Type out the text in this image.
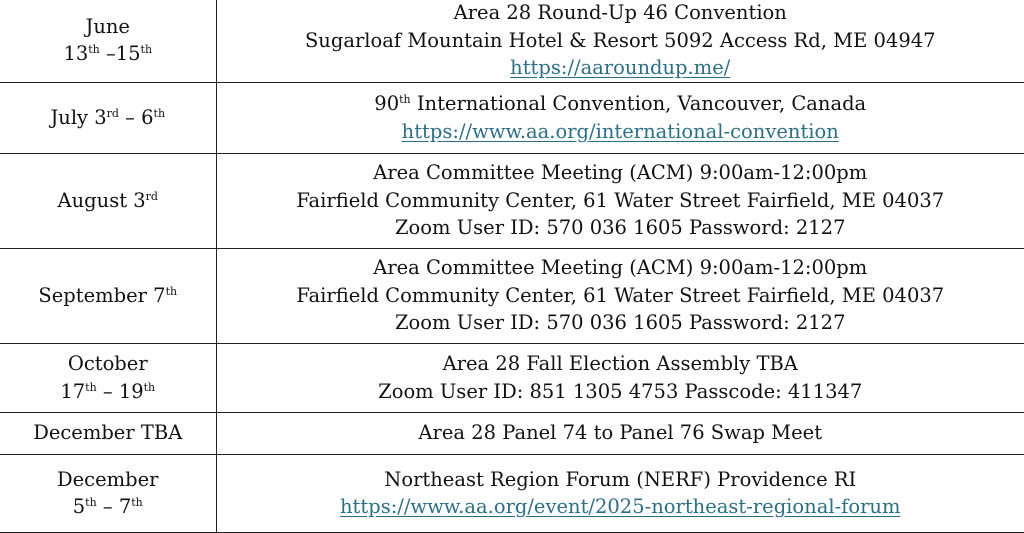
June
13th –15th	Area 28 Round-Up 46 Convention
Sugarloaf Mountain Hotel & Resort 5092 Access Rd, ME 04947
https://aaroundup.me/

July 3rd – 6th	90th International Convention, Vancouver, Canada
https://www.aa.org/international-convention

August 3rd	Area Committee Meeting (ACM) 9:00am-12:00pm
Fairfield Community Center, 61 Water Street Fairfield, ME 04037
Zoom User ID: 570 036 1605 Password: 2127

September 7th	Area Committee Meeting (ACM) 9:00am-12:00pm
Fairfield Community Center, 61 Water Street Fairfield, ME 04037
Zoom User ID: 570 036 1605 Password: 2127

October
17th – 19th	Area 28 Fall Election Assembly TBA
Zoom User ID: 851 1305 4753 Passcode: 411347

December TBA	Area 28 Panel 74 to Panel 76 Swap Meet

December
5th – 7th	Northeast Region Forum (NERF) Providence RI
https://www.aa.org/event/2025-northeast-regional-forum
